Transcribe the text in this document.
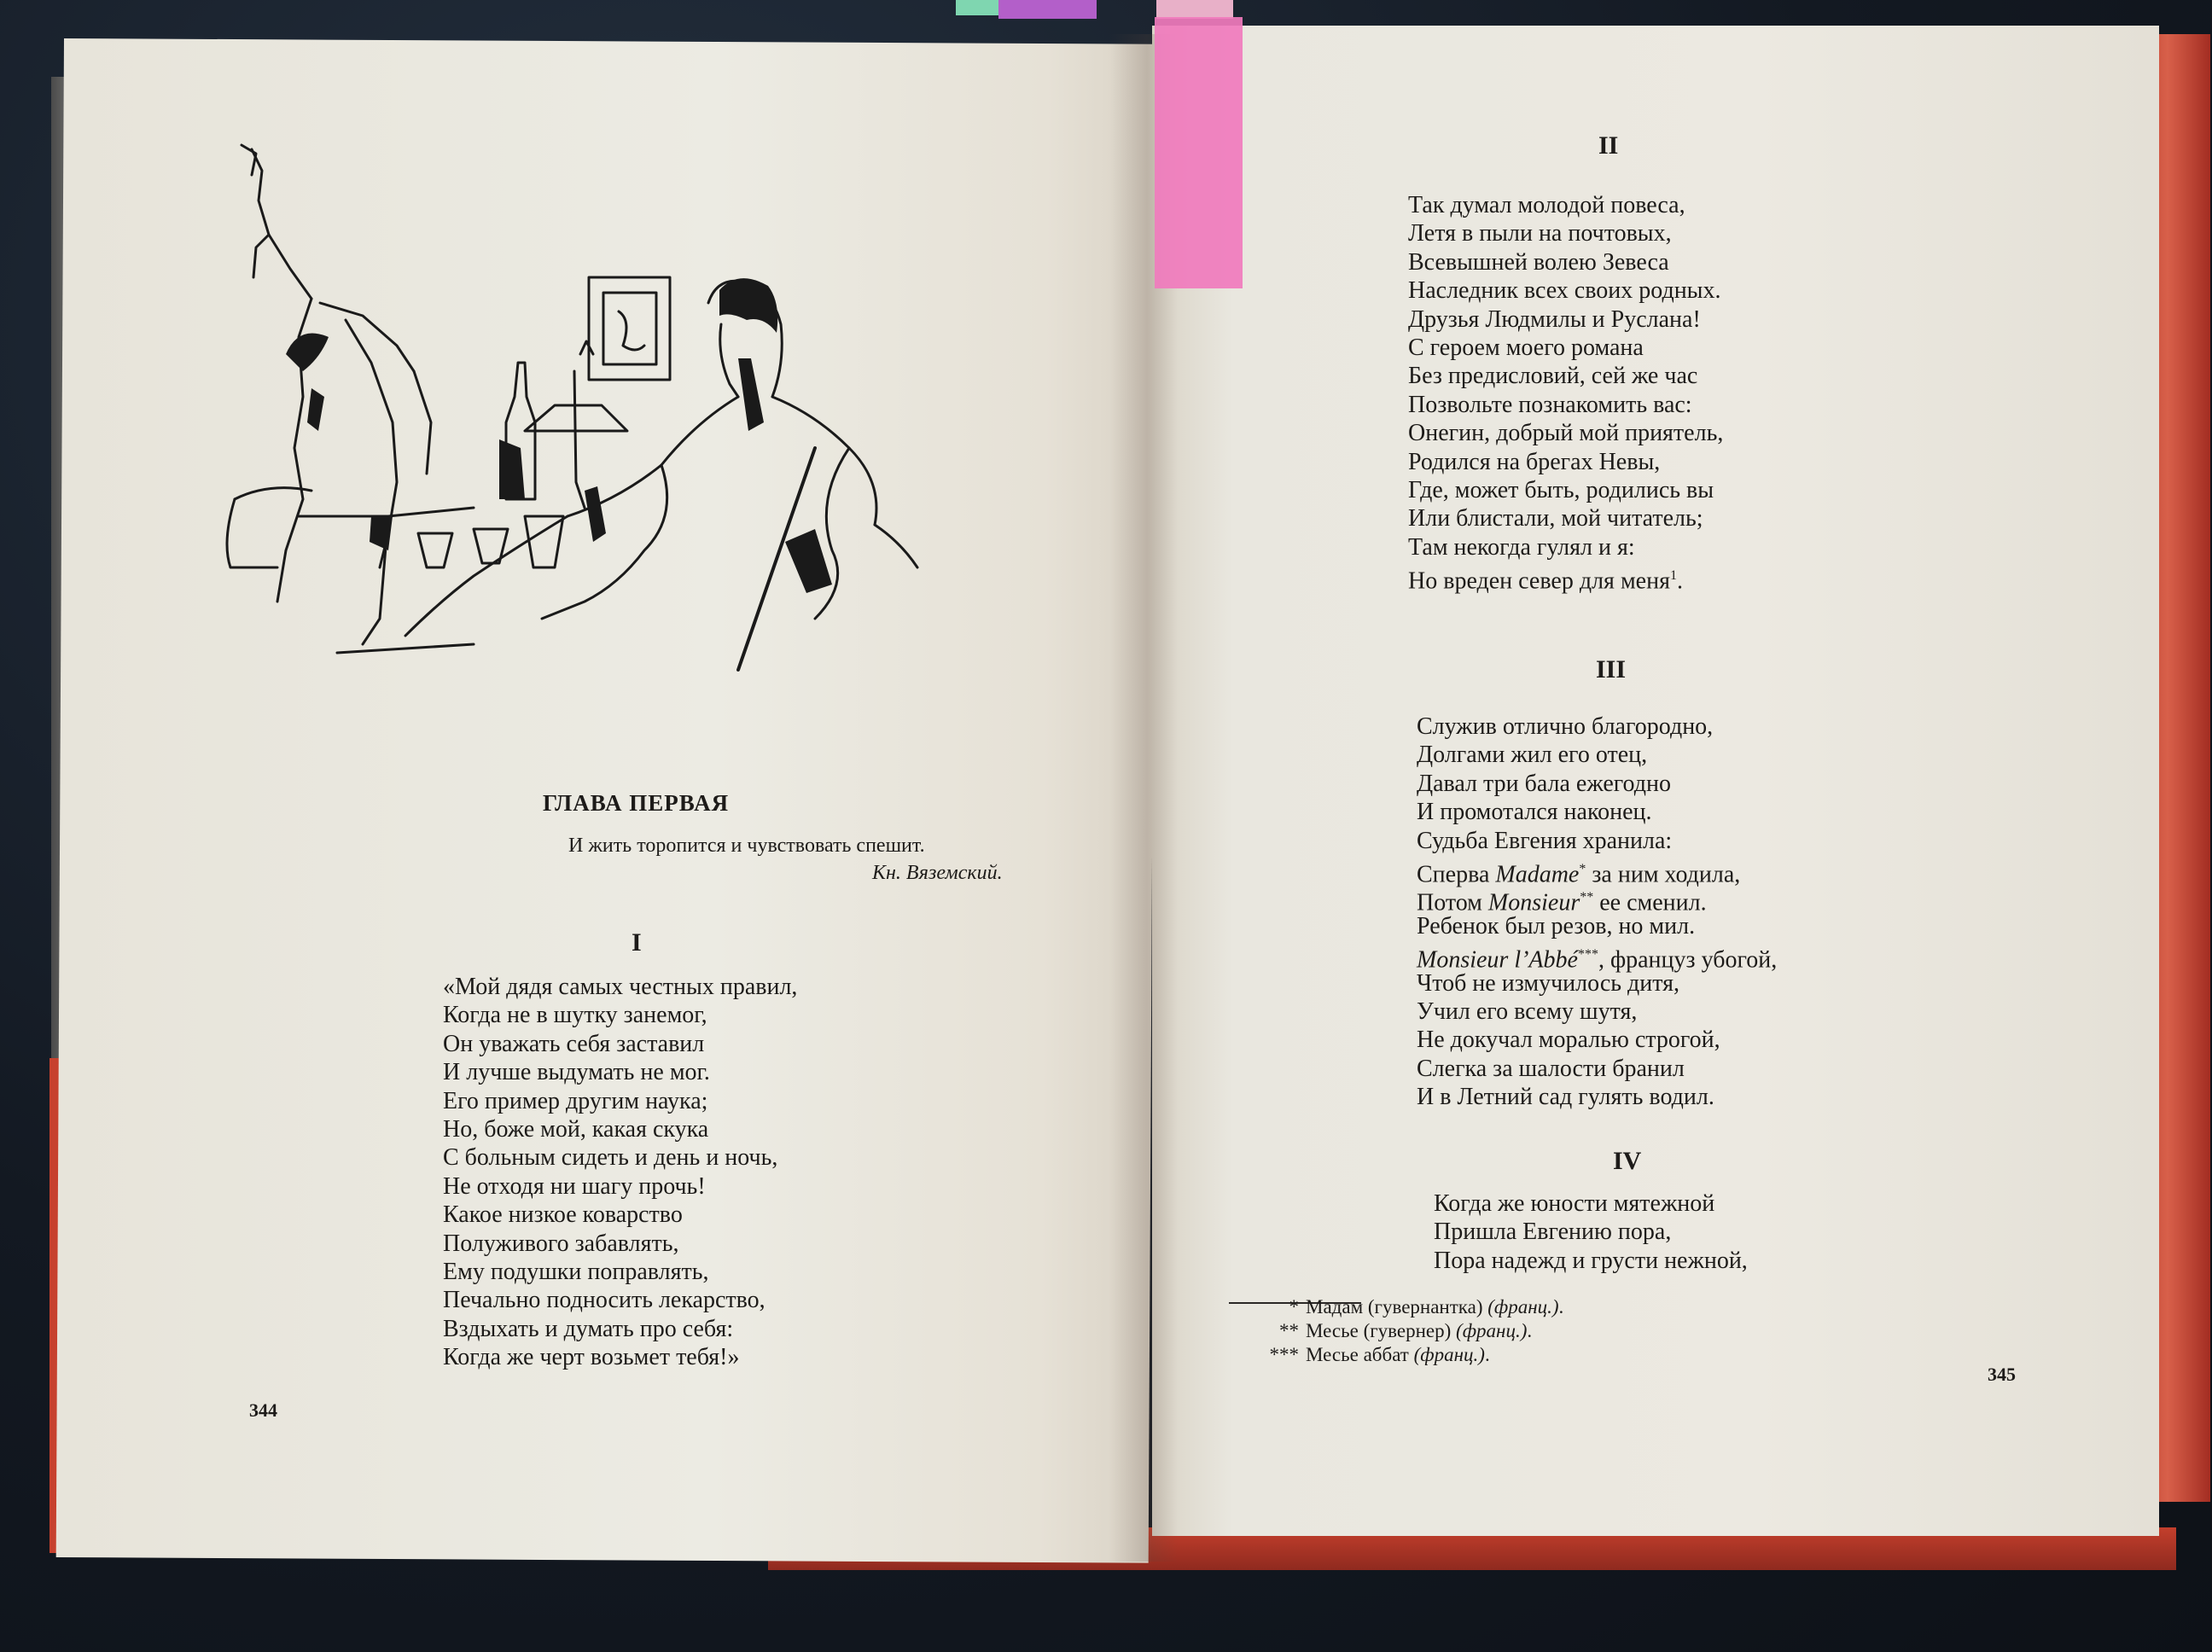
ГЛАВА ПЕРВАЯ
И жить торопится и чувствовать спешит.
Кн. Вяземский.
I
«Мой дядя самых честных правил,
Когда не в шутку занемог,
Он уважать себя заставил
И лучше выдумать не мог.
Его пример другим наука;
Но, боже мой, какая скука
С больным сидеть и день и ночь,
Не отходя ни шагу прочь!
Какое низкое коварство
Полуживого забавлять,
Ему подушки поправлять,
Печально подносить лекарство,
Вздыхать и думать про себя:
Когда же черт возьмет тебя!»
344
II
Так думал молодой повеса,
Летя в пыли на почтовых,
Всевышней волею Зевеса
Наследник всех своих родных.
Друзья Людмилы и Руслана!
С героем моего романа
Без предисловий, сей же час
Позвольте познакомить вас:
Онегин, добрый мой приятель,
Родился на брегах Невы,
Где, может быть, родились вы
Или блистали, мой читатель;
Там некогда гулял и я:
Но вреден север для меня$^1$.
III
Служив отлично благородно,
Долгами жил его отец,
Давал три бала ежегодно
И промотался наконец.
Судьба Евгения хранила:
Сперва Madame* за ним ходила,
Потом Monsieur** ее сменил.
Ребенок был резов, но мил.
Monsieur l’Abbé***, француз убогой,
Чтоб не измучилось дитя,
Учил его всему шутя,
Не докучал моралью строгой,
Слегка за шалости бранил
И в Летний сад гулять водил.
IV
Когда же юности мятежной
Пришла Евгению пора,
Пора надежд и грусти нежной,
* Мадам (гувернантка) (франц.).
** Месье (гувернер) (франц.).
*** Месье аббат (франц.).
345
